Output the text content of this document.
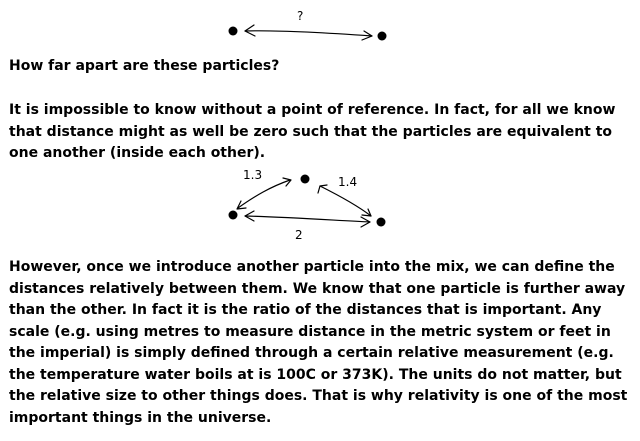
?

How far apart are these particles?

It is impossible to know without a point of reference. In fact, for all we know that distance might as well be zero such that the particles are equivalent to one another (inside each other).

1.3	1.4
2

However, once we introduce another particle into the mix, we can define the distances relatively between them. We know that one particle is further away than the other. In fact it is the ratio of the distances that is important. Any scale (e.g. using metres to measure distance in the metric system or feet in the imperial) is simply defined through a certain relative measurement (e.g. the temperature water boils at is 100C or 373K). The units do not matter, but the relative size to other things does. That is why relativity is one of the most important things in the universe.
